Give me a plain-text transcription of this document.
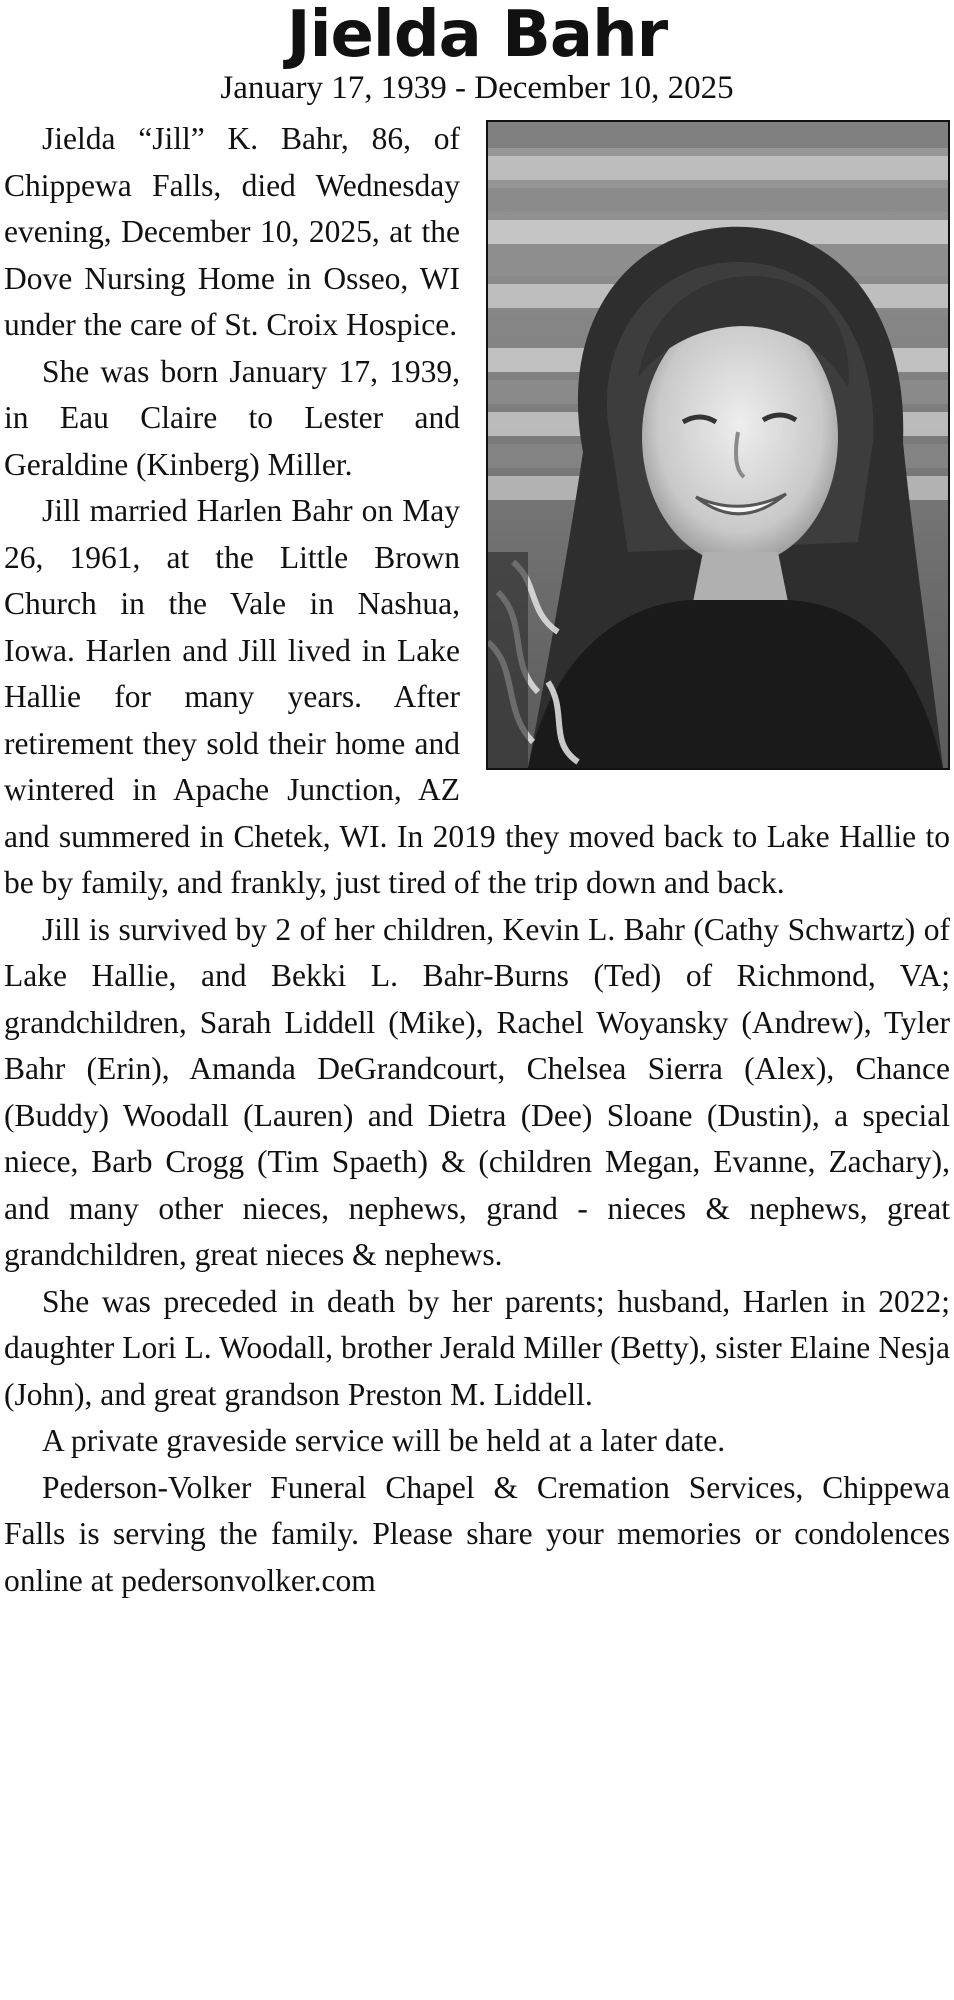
Jielda Bahr
January 17, 1939 - December 10, 2025

Jielda “Jill” K. Bahr, 86, of Chippewa Falls, died Wednesday evening, December 10, 2025, at the Dove Nursing Home in Osseo, WI under the care of St. Croix Hospice.

She was born January 17, 1939, in Eau Claire to Lester and Geraldine (Kinberg) Miller.

Jill married Harlen Bahr on May 26, 1961, at the Little Brown Church in the Vale in Nashua, Iowa. Harlen and Jill lived in Lake Hallie for many years. After retirement they sold their home and wintered in Apache Junction, AZ and summered in Chetek, WI. In 2019 they moved back to Lake Hallie to be by family, and frankly, just tired of the trip down and back.

Jill is survived by 2 of her children, Kevin L. Bahr (Cathy Schwartz) of Lake Hallie, and Bekki L. Bahr-Burns (Ted) of Richmond, VA; grandchildren, Sarah Liddell (Mike), Rachel Woyansky (Andrew), Tyler Bahr (Erin), Amanda DeGrandcourt, Chelsea Sierra (Alex), Chance (Buddy) Woodall (Lauren) and Dietra (Dee) Sloane (Dustin), a special niece, Barb Crogg (Tim Spaeth) & (children Megan, Evanne, Zachary), and many other nieces, nephews, grand - nieces & nephews, great grandchildren, great nieces & nephews.

She was preceded in death by her parents; husband, Harlen in 2022; daughter Lori L. Woodall, brother Jerald Miller (Betty), sister Elaine Nesja (John), and great grandson Preston M. Liddell.

A private graveside service will be held at a later date.

Pederson-Volker Funeral Chapel & Cremation Services, Chippewa Falls is serving the family. Please share your memories or condolences online at pedersonvolker.com
